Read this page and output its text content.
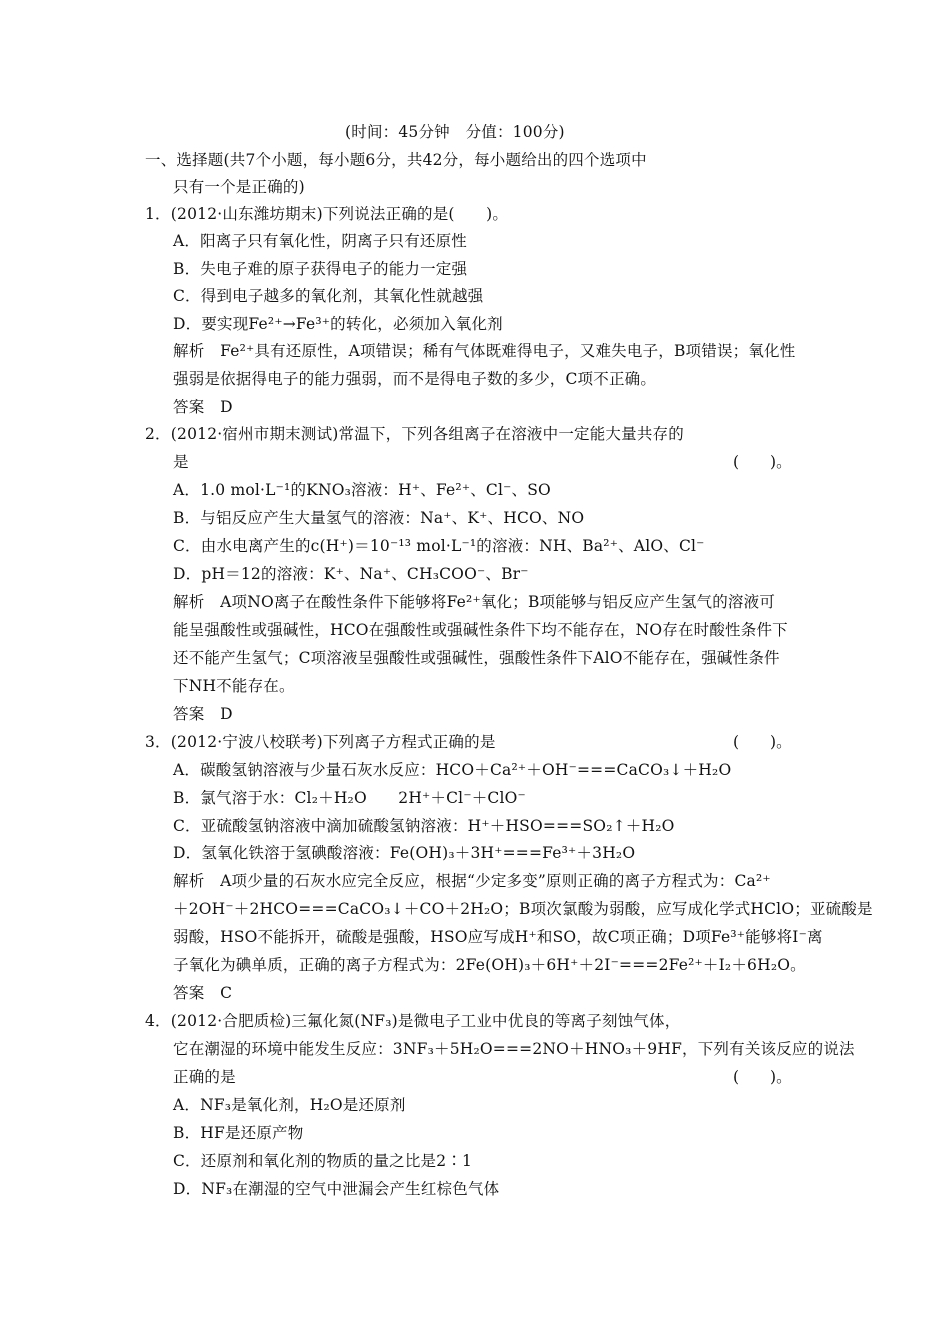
(时间：45分钟　分值：100分)
一、选择题(共7个小题，每小题6分，共42分，每小题给出的四个选项中
只有一个是正确的)
1．(2012·山东潍坊期末)下列说法正确的是(　　)。
A．阳离子只有氧化性，阴离子只有还原性
B．失电子难的原子获得电子的能力一定强
C．得到电子越多的氧化剂，其氧化性就越强
D．要实现Fe²⁺→Fe³⁺的转化，必须加入氧化剂
解析　Fe²⁺具有还原性，A项错误；稀有气体既难得电子，又难失电子，B项错误；氧化性
强弱是依据得电子的能力强弱，而不是得电子数的多少，C项不正确。
答案　D
2．(2012·宿州市期末测试)常温下，下列各组离子在溶液中一定能大量共存的
是	(　　)。
A．1.0 mol·L⁻¹的KNO₃溶液：H⁺、Fe²⁺、Cl⁻、SO
B．与铝反应产生大量氢气的溶液：Na⁺、K⁺、HCO、NO
C．由水电离产生的c(H⁺)＝10⁻¹³ mol·L⁻¹的溶液：NH、Ba²⁺、AlO、Cl⁻
D．pH＝12的溶液：K⁺、Na⁺、CH₃COO⁻、Br⁻
解析　A项NO离子在酸性条件下能够将Fe²⁺氧化；B项能够与铝反应产生氢气的溶液可
能呈强酸性或强碱性，HCO在强酸性或强碱性条件下均不能存在，NO存在时酸性条件下
还不能产生氢气；C项溶液呈强酸性或强碱性，强酸性条件下AlO不能存在，强碱性条件
下NH不能存在。
答案　D
3．(2012·宁波八校联考)下列离子方程式正确的是	(　　)。
A．碳酸氢钠溶液与少量石灰水反应：HCO＋Ca²⁺＋OH⁻===CaCO₃↓＋H₂O
B．氯气溶于水：Cl₂＋H₂O　　2H⁺＋Cl⁻＋ClO⁻
C．亚硫酸氢钠溶液中滴加硫酸氢钠溶液：H⁺＋HSO===SO₂↑＋H₂O
D．氢氧化铁溶于氢碘酸溶液：Fe(OH)₃＋3H⁺===Fe³⁺＋3H₂O
解析　A项少量的石灰水应完全反应，根据“少定多变”原则正确的离子方程式为：Ca²⁺
＋2OH⁻＋2HCO===CaCO₃↓＋CO＋2H₂O；B项次氯酸为弱酸，应写成化学式HClO；亚硫酸是
弱酸，HSO不能拆开，硫酸是强酸，HSO应写成H⁺和SO，故C项正确；D项Fe³⁺能够将I⁻离
子氧化为碘单质，正确的离子方程式为：2Fe(OH)₃＋6H⁺＋2I⁻===2Fe²⁺＋I₂＋6H₂O。
答案　C
4．(2012·合肥质检)三氟化氮(NF₃)是微电子工业中优良的等离子刻蚀气体，
它在潮湿的环境中能发生反应：3NF₃＋5H₂O===2NO＋HNO₃＋9HF，下列有关该反应的说法
正确的是	(　　)。
A．NF₃是氧化剂，H₂O是还原剂
B．HF是还原产物
C．还原剂和氧化剂的物质的量之比是2∶1
D．NF₃在潮湿的空气中泄漏会产生红棕色气体
